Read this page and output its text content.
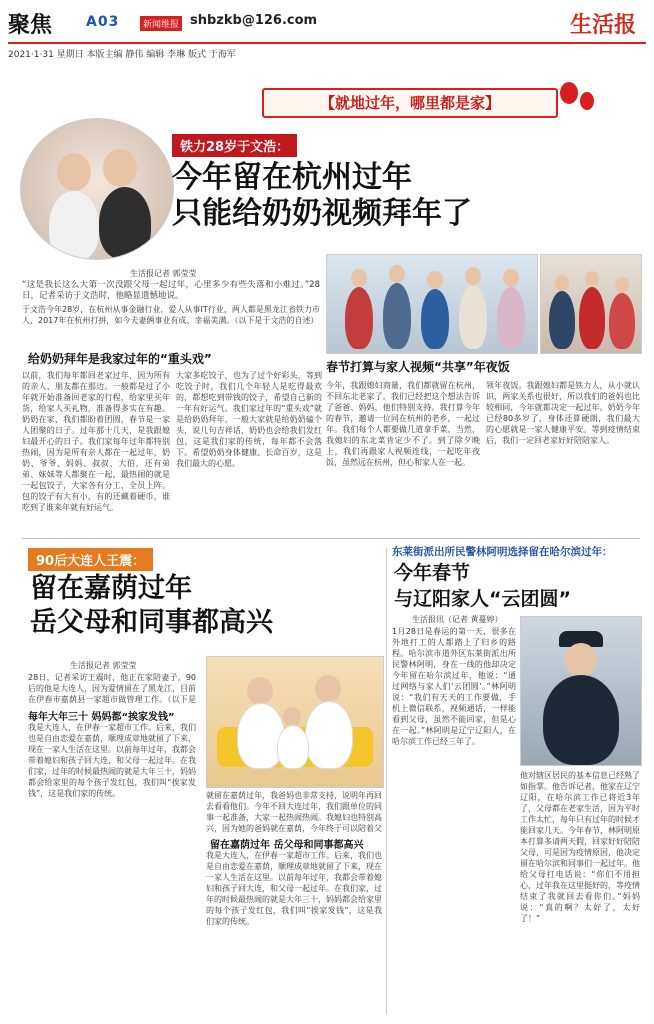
聚焦 A03	新闻维报 shbzkb@126.com	生活报
2021·1·31 星期日 本版主编 静伟 编辑 李琳 版式 于海军
【就地过年，哪里都是家】
铁力28岁于文浩：
今年留在杭州过年
只能给奶奶视频拜年了
生活报记者 郭莹莹
“这是我长这么大第一次没跟父母一起过年，心里多少有些失落和小难过。”28日，记者采访于文浩时，他略显遗憾地说。
于文浩今年28岁，在杭州从事金融行业，爱人从事IT行业，两人都是黑龙江省铁力市人，2017年在杭州打拼，如今夫妻俩事业有成、幸福美满。（以下是于文浩的自述）
给奶奶拜年是我家过年的“重头戏”
春节打算与家人视频“共享”年夜饭
以前，我们每年都回老家过年，因为所有的亲人、朋友都在那边。一般都是过了小年就开始准备回老家的行程，给家里买年货，给家人买礼物，准备得多实在有趣。奶奶在家，我们都盼着团圆，春节是一家人团聚的日子。过年那十几天，是我跟媳妇最开心的日子。我们家每年过年都特别热闹，因为是所有亲人都在一起过年，奶奶、爷爷、妈妈、叔叔、大伯，还有弟弟、妹妹等人都聚在一起，最热闹的就是一起包饺子，大家各有分工，全员上阵。包的饺子有大有小，有的还藏着硬币，谁吃到了谁来年就有好运气。
大家多吃饺子，也为了过个好彩头，等到吃饺子时，我们几个年轻人是吃得最欢的，都想吃到带钱的饺子，希望自己新的一年有好运气。我们家过年的“重头戏”就是给奶奶拜年，一般大家就是给奶奶磕个头，说几句吉祥话，奶奶也会给我们发红包，这是我们家的传统，每年都不会落下。希望奶奶身体健康、长命百岁，这是我们最大的心愿。
今年，我跟媳妇商量，我们都就留在杭州，不回东北老家了。我们已经把这个想法告诉了爸爸、妈妈，他们特别支持。我打算今年的春节，邀请一位同在杭州的老乡，一起过年。我们每个人都要做几道拿手菜，当然，我媳妇的东北菜肯定少不了。到了除夕晚上，我们再跟家人视频连线，一起吃年夜饭，虽然远在杭州，但心和家人在一起。
领年夜饭。我跟媳妇都是铁力人，从小就认识，两家关系也很好，所以我们的爸妈也比较相同，今年就都决定一起过年。奶奶今年已经80多岁了，身体还算硬朗，我们最大的心愿就是一家人健康平安。等到疫情结束后，我们一定回老家好好陪陪家人。
90后大连人王震：
留在嘉荫过年
岳父母和同事都高兴
生活报记者 郭莹莹
28日，记者采访王震时，他正在家陪妻子。90后的他是大连人，因为爱情留在了黑龙江，目前在伊春市嘉荫县一家超市做管理工作。（以下是
每年大年三十 妈妈都“挨家发钱”
我是大连人，在伊春一家超市工作。后来，我们也是自由恋爱在嘉荫，顺理成章地就留了下来，现在一家人生活在这里。以前每年过年，我都会带着媳妇和孩子回大连，和父母一起过年。在我们家，过年的时候最热闹的就是大年三十，妈妈都会给家里的每个孩子发红包，我们叫“挨家发钱”，这是我们家的传统。	就留在嘉荫过年，我爸妈也非常支持，说明年再回去看看他们。今年不回大连过年，我们跟单位的同事一起准备，大家一起热闹热闹。我媳妇也特别高兴，因为她的爸妈就在嘉荫，今年终于可以陪着父
留在嘉荫过年 岳父母和同事都高兴
我是大连人，在伊春一家超市工作。后来，我们也是自由恋爱在嘉荫，顺理成章地就留了下来，现在一家人生活在这里。以前每年过年，我都会带着媳妇和孩子回大连，和父母一起过年。在我们家，过年的时候最热闹的就是大年三十，妈妈都会给家里的每个孩子发红包，我们叫“挨家发钱”，这是我们家的传统。
东莱街派出所民警林阿明选择留在哈尔滨过年：
今年春节
与辽阳家人“云团圆”
生活报讯（记者 黄蔓婷）
1月28日是春运的第一天，很多在外地打工的人都踏上了归乡的路程。哈尔滨市道外区东莱街派出所民警林阿明，身在一线的他却决定今年留在哈尔滨过年，他说：“通过网络与家人们‘云团圆’。”林阿明说：“我们有天天的工作要做，手机上微信联系，视频通话，一样能看到父母，虽然不能回家，但是心在一起。”林阿明是辽宁辽阳人，在哈尔滨工作已经三年了。
他对辖区居民的基本信息已经熟了如指掌。他告诉记者，他家在辽宁辽阳，在哈尔滨工作已将近3年了，父母都在老家生活，因为平时工作太忙，每年只有过年的时候才能回家几天。今年春节，林阿明原本打算多请两天假，回家好好陪陪父母，可是因为疫情原因，他决定留在哈尔滨和同事们一起过年。他给父母打电话说：“你们不用担心，过年我在这里挺好的，等疫情结束了我就回去看你们。”妈妈说：“真的啊？太好了，太好了！”
